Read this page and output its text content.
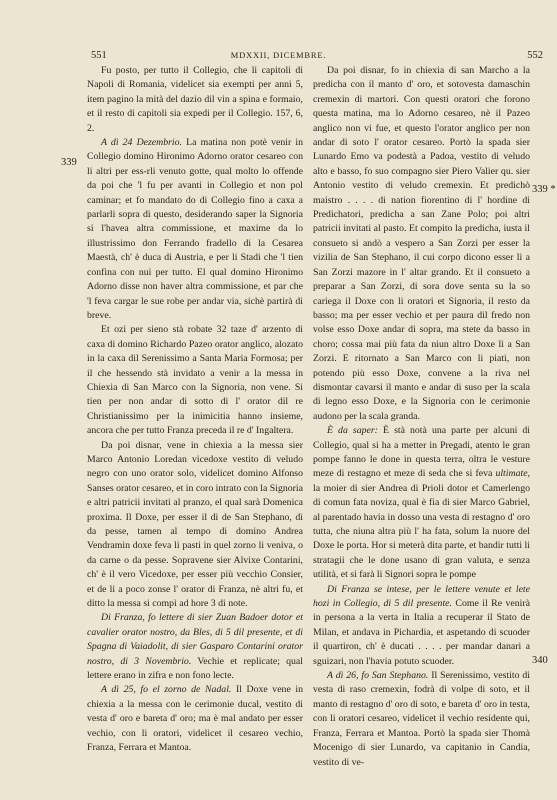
551	MDXXII, DICEMBRE.	552
339
339 *
340

Fu posto, per tutto il Collegio, che li capitoli di Napoli di Romania, videlicet sia exempti per anni 5, item pagino la mità del dazio dil vin a spina e formaio, et il resto di capitoli sia expedi per il Collegio. 157, 6, 2.

A dì 24 Dezembrio. La matina non potè venir in Collegio domino Hironimo Adorno orator cesareo con li altri per ess-rli venuto gotte, qual molto lo offende da poi che 'l fu per avanti in Collegio et non pol caminar; et fo mandato do di Collegio fino a caxa a parlarli sopra di questo, desiderando saper la Signoria si l'havea altra commissione, et maxime da lo illustrissimo don Ferrando fradello di la Cesarea Maestà, ch' è duca di Austria, e per li Stadi che 'l tien confina con nui per tutto. El qual domino Hironimo Adorno disse non haver altra commissione, et par che 'l feva cargar le sue robe per andar via, sichè partirà di breve.

Et ozi per sieno stà robate 32 taze d' arzento di caxa di domino Richardo Pazeo orator anglico, alozato in la caxa dil Serenissimo a Santa Maria Formosa; per il che hessendo stà invidato a venir a la messa in Chiexia di San Marco con la Signoria, non vene. Si tien per non andar di sotto di l' orator dil re Christianissimo per la inimicitia hanno insieme, ancora che per tutto Franza preceda il re d' Ingaltera.

Da poi disnar, vene in chiexia a la messa sier Marco Antonio Loredan vicedoxe vestito di veludo negro con uno orator solo, videlicet domino Alfonso Sanses orator cesareo, et in coro intrato con la Signoria e altri patricii invitati al pranzo, el qual sarà Domenica proxima. Il Doxe, per esser il dì de San Stephano, dì da pesse, tamen al tempo di domino Andrea Vendramin doxe feva li pasti in quel zorno li veniva, o da carne o da pesse. Sopravene sier Alvixe Contarini, ch' è il vero Vicedoxe, per esser più vecchio Consier, et de li a poco zonse l' orator di Franza, nè altri fu, et ditto la messa si compì ad hore 3 di note.

Di Franza, fo lettere di sier Zuan Badoer dotor et cavalier orator nostro, da Bles, di 5 dil presente, et di Spagna di Vaiadolit, di sier Gasparo Contarini orator nostro, di 3 Novembrio. Vechie et replicate; qual lettere erano in zifra e non fono lecte.

A dì 25, fo el zorno de Nadal. Il Doxe vene in chiexia a la messa con le cerimonie ducal, vestito di vesta d' oro e bareta d' oro; ma è mal andato per esser vechio, con li oratori, videlicet il cesareo vechio, Franza, Ferrara et Mantoa.

Da poi disnar, fo in chiexia di san Marcho a la predicha con il manto d' oro, et sotovesta damaschin cremexin di martori. Con questi oratori che forono questa matina, ma lo Adorno cesareo, nè il Pazeo anglico non vi fue, et questo l'orator anglico per non andar di soto l' orator cesareo. Portò la spada sier Lunardo Emo va podestà a Padoa, vestito di veludo alto e basso, fo suo compagno sier Piero Valier qu. sier Antonio vestito di veludo cremexin. Et predichò maistro . . . . di nation fiorentino di l' hordine di Predichatori, predicha a san Zane Polo; poi altri patricii invitati al pasto. Et compito la predicha, iusta il consueto si andò a vespero a San Zorzi per esser la vizilia de San Stephano, il cui corpo dicono esser lì a San Zorzi mazore in l' altar grando. Et il consueto a preparar a San Zorzi, di sora dove senta su la so cariega il Doxe con li oratori et Signoria, il resto da basso; ma per esser vechio et per paura dil fredo non volse esso Doxe andar di sopra, ma stete da basso in choro; cossa mai più fata da niun altro Doxe lì a San Zorzi. E ritornato a San Marco con li piati, non potendo più esso Doxe, convene a la riva nel dismontar cavarsi il manto e andar di suso per la scala di legno esso Doxe, e la Signoria con le cerimonie audono per la scala granda.

È da saper: È stà notà una parte per alcuni di Collegio, qual si ha a metter in Pregadi, atento le gran pompe fanno le done in questa terra, oltra le vesture meze di restagno et meze di seda che si feva ultimate, la moier di sier Andrea di Prioli dotor et Camerlengo di comun fata noviza, qual è fia di sier Marco Gabriel, al parentado havia in dosso una vesta di restagno d' oro tutta, che niuna altra più l' ha fata, solum la nuore del Doxe le porta. Hor si meterà dita parte, et bandir tutti li stratagii che le done usano di gran valuta, e senza utilità, et si farà li Signori sopra le pompe

Di Franza se intese, per le lettere venute et lete hozi in Collegio, di 5 dil presente. Come il Re venirà in persona a la verta in Italia a recuperar il Stato de Milan, et andava in Pichardia, et aspetando di scuoder il quartiron, ch' è ducati . . . . per mandar danari a sguizari, non l'havia potuto scuoder.

A dì 26, fo San Stephano. Il Serenissimo, vestito di vesta di raso cremexin, fodrà di volpe di soto, et il manto di restagno d' oro di soto, e bareta d' oro in testa, con li oratori cesareo, videlicet il vechio residente qui, Franza, Ferrara et Mantoa. Portò la spada sier Thomà Mocenigo di sier Lunardo, va capitanio in Candia, vestito di ve-
